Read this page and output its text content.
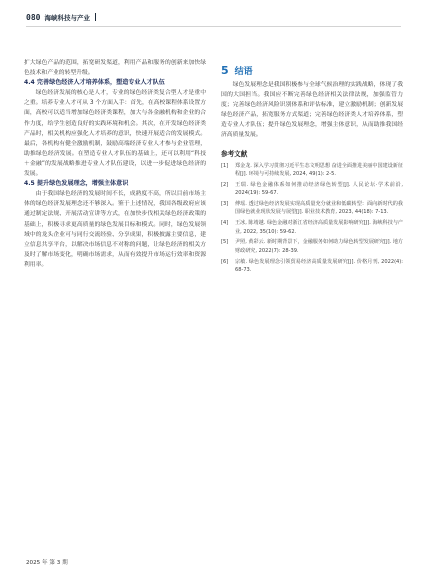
080 海峡科技与产业

扩大绿色产品的范围，拓宽研发渠道，利用产品和服务的创新来加快绿色技术和产业的转型升级。

4.4 完善绿色经济人才培养体系，塑造专业人才队伍

绿色经济发展的核心是人才，专业的绿色经济类复合型人才是重中之重。培养专业人才可从 3 个方面入手：首先，在高校课程体系设置方面，高校可以适当增加绿色经济类课程，加大与各金融机构和企业的合作力度，给学生创造良好的实践环境和机会。其次，在开发绿色经济类产品时，相关机构应强化人才培养的意识，快速开展适合的发展模式。最后，各机构有健全激励机制，鼓励高端经济专业人才参与企业管理，助推绿色经济发展。在塑造专业人才队伍的基础上，还可以利用“科技＋金融”的发展战略推进专业人才队伍建设，以进一步促进绿色经济的发展。

4.5 提升绿色发展理念，增强主体意识

由于我国绿色经济的发展时间不长，成熟度不高，所以目前市场主体的绿色经济发展理念还不够深入。鉴于上述情况，我国各级政府应该通过制定法规、开展活动宣讲等方式，在加快步伐相关绿色经济政策的基础上，积极寻求更高质量的绿色发展目标和模式。同时，绿色发展领域中的龙头企业可与同行交流经验、分享成果，积极披露主要信息，建立信息共享平台，以解决市场信息不对称的问题，让绿色经济的相关方及时了解市场变化，明确市场需求，从而有效提升市场运行效率和资源利用率。

5 结语

绿色发展理念是我国积极参与全球气候治理的实践战略，体现了我国的大国担当。我国应不断完善绿色经济相关法律法规，加强监管力度；完善绿色经济风险识别体系和评估标准，建立激励机制；创新发展绿色经济产品，拓宽服务方式渠道；完善绿色经济类人才培养体系，塑造专业人才队伍；提升绿色发展理念，增强主体意识，从而助推我国经济高质量发展。

参考文献
[1]	郑金龙. 深入学习贯彻习近平生态文明思想 奋进全面推进美丽中国建设新征程[J]. 环境与可持续发展, 2024, 49(1): 2-5.
[2]	王瑞. 绿色金融体系如何推动经济绿色转型[J]. 人民论坛·学术前沿, 2024(19): 59-67.
[3]	傅瑶. 透过绿色经济发展实现高质量充分就业和低碳转型：面向新时代的我国绿色就业现状发展与展望[J]. 职业技术教育, 2023, 44(18): 7-13.
[4]	王冰, 陈靖越. 绿色金融对浙江省经济高质量发展影响研究[J]. 海峡科技与产业, 2022, 35(10): 59-62.
[5]	尹照, 黄彩云. 新时期背景下，金融服务如何助力绿色转型发展研究[J]. 地方财政研究, 2022(7): 28-39.
[6]	宗敏. 绿色发展理念引领贸易经济高质量发展研究[J]. 价格月刊, 2022(4): 68-73.
2025 年 第 3 期
